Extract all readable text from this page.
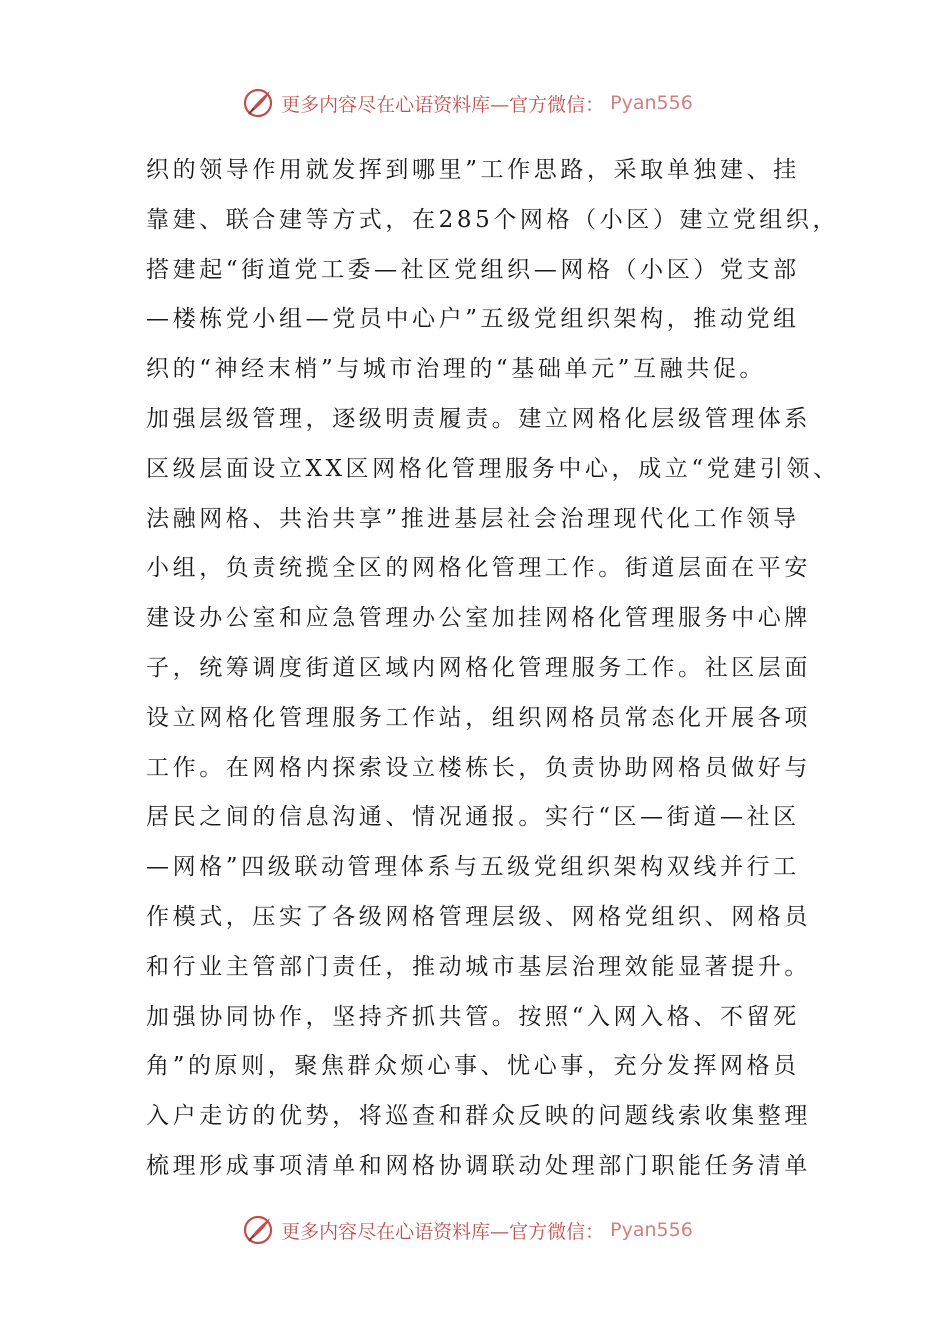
更多内容尽在心语资料库—官方微信： Pyan556
织的领导作用就发挥到哪里”工作思路，采取单独建、挂
靠建、联合建等方式，在285个网格（小区）建立党组织，
搭建起“街道党工委—社区党组织—网格（小区）党支部
—楼栋党小组—党员中心户”五级党组织架构，推动党组
织的“神经末梢”与城市治理的“基础单元”互融共促。
加强层级管理，逐级明责履责。建立网格化层级管理体系
区级层面设立XX区网格化管理服务中心，成立“党建引领、
法融网格、共治共享”推进基层社会治理现代化工作领导
小组，负责统揽全区的网格化管理工作。街道层面在平安
建设办公室和应急管理办公室加挂网格化管理服务中心牌
子，统筹调度街道区域内网格化管理服务工作。社区层面
设立网格化管理服务工作站，组织网格员常态化开展各项
工作。在网格内探索设立楼栋长，负责协助网格员做好与
居民之间的信息沟通、情况通报。实行“区—街道—社区
—网格”四级联动管理体系与五级党组织架构双线并行工
作模式，压实了各级网格管理层级、网格党组织、网格员
和行业主管部门责任，推动城市基层治理效能显著提升。
加强协同协作，坚持齐抓共管。按照“入网入格、不留死
角”的原则，聚焦群众烦心事、忧心事，充分发挥网格员
入户走访的优势，将巡查和群众反映的问题线索收集整理
梳理形成事项清单和网格协调联动处理部门职能任务清单
更多内容尽在心语资料库—官方微信： Pyan556
